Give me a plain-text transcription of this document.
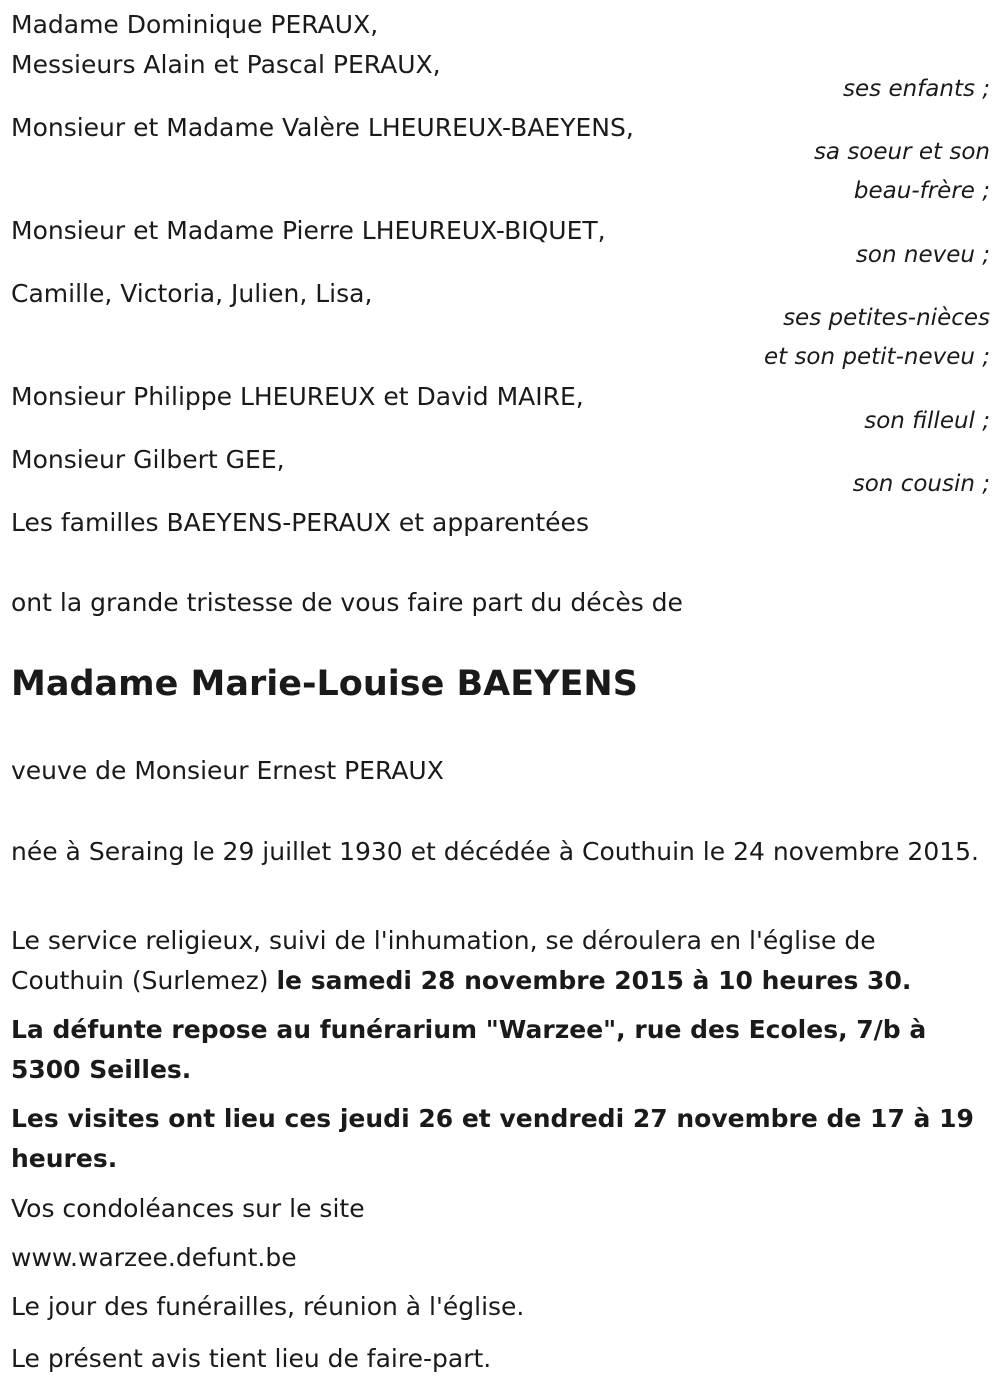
Madame Dominique PERAUX,

Messieurs Alain et Pascal PERAUX,

ses enfants ;

Monsieur et Madame Valère LHEUREUX-BAEYENS,

sa soeur et son

beau-frère ;

Monsieur et Madame Pierre LHEUREUX-BIQUET,

son neveu ;

Camille, Victoria, Julien, Lisa,

ses petites-nièces

et son petit-neveu ;

Monsieur Philippe LHEUREUX et David MAIRE,

son filleul ;

Monsieur Gilbert GEE,

son cousin ;

Les familles BAEYENS-PERAUX et apparentées

ont la grande tristesse de vous faire part du décès de

Madame Marie-Louise BAEYENS

veuve de Monsieur Ernest PERAUX

née à Seraing le 29 juillet 1930 et décédée à Couthuin le 24 novembre 2015.

Le service religieux, suivi de l'inhumation, se déroulera en l'église de Couthuin (Surlemez) le samedi 28 novembre 2015 à 10 heures 30.

La défunte repose au funérarium "Warzee", rue des Ecoles, 7/b à 5300 Seilles.

Les visites ont lieu ces jeudi 26 et vendredi 27 novembre de 17 à 19 heures.

Vos condoléances sur le site

www.warzee.defunt.be

Le jour des funérailles, réunion à l'église.

Le présent avis tient lieu de faire-part.
